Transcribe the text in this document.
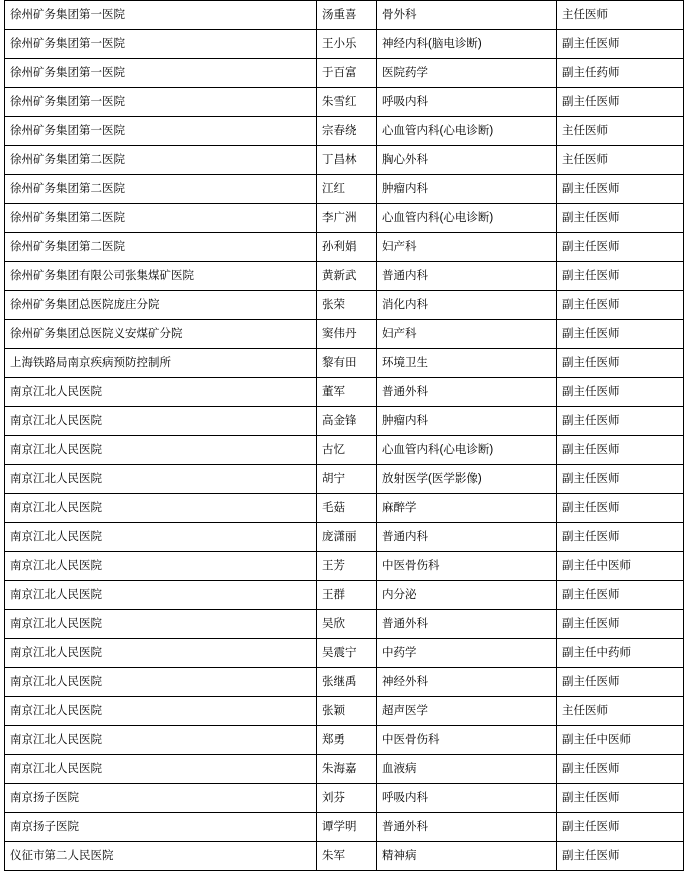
徐州矿务集团第一医院	汤重喜	骨外科	主任医师
徐州矿务集团第一医院	王小乐	神经内科(脑电诊断)	副主任医师
徐州矿务集团第一医院	于百富	医院药学	副主任药师
徐州矿务集团第一医院	朱雪红	呼吸内科	副主任医师
徐州矿务集团第一医院	宗春绕	心血管内科(心电诊断)	主任医师
徐州矿务集团第二医院	丁昌林	胸心外科	主任医师
徐州矿务集团第二医院	江红	肿瘤内科	副主任医师
徐州矿务集团第二医院	李广洲	心血管内科(心电诊断)	副主任医师
徐州矿务集团第二医院	孙利娟	妇产科	副主任医师
徐州矿务集团有限公司张集煤矿医院	黄新武	普通内科	副主任医师
徐州矿务集团总医院庞庄分院	张荣	消化内科	副主任医师
徐州矿务集团总医院义安煤矿分院	窦伟丹	妇产科	副主任医师
上海铁路局南京疾病预防控制所	黎有田	环境卫生	副主任医师
南京江北人民医院	董军	普通外科	副主任医师
南京江北人民医院	高金锋	肿瘤内科	副主任医师
南京江北人民医院	古忆	心血管内科(心电诊断)	副主任医师
南京江北人民医院	胡宁	放射医学(医学影像)	副主任医师
南京江北人民医院	毛菇	麻醉学	副主任医师
南京江北人民医院	庞潇丽	普通内科	副主任医师
南京江北人民医院	王芳	中医骨伤科	副主任中医师
南京江北人民医院	王群	内分泌	副主任医师
南京江北人民医院	吴欣	普通外科	副主任医师
南京江北人民医院	吴震宁	中药学	副主任中药师
南京江北人民医院	张继禹	神经外科	副主任医师
南京江北人民医院	张颖	超声医学	主任医师
南京江北人民医院	郑勇	中医骨伤科	副主任中医师
南京江北人民医院	朱海嘉	血液病	副主任医师
南京扬子医院	刘芬	呼吸内科	副主任医师
南京扬子医院	谭学明	普通外科	副主任医师
仪征市第二人民医院	朱军	精神病	副主任医师
